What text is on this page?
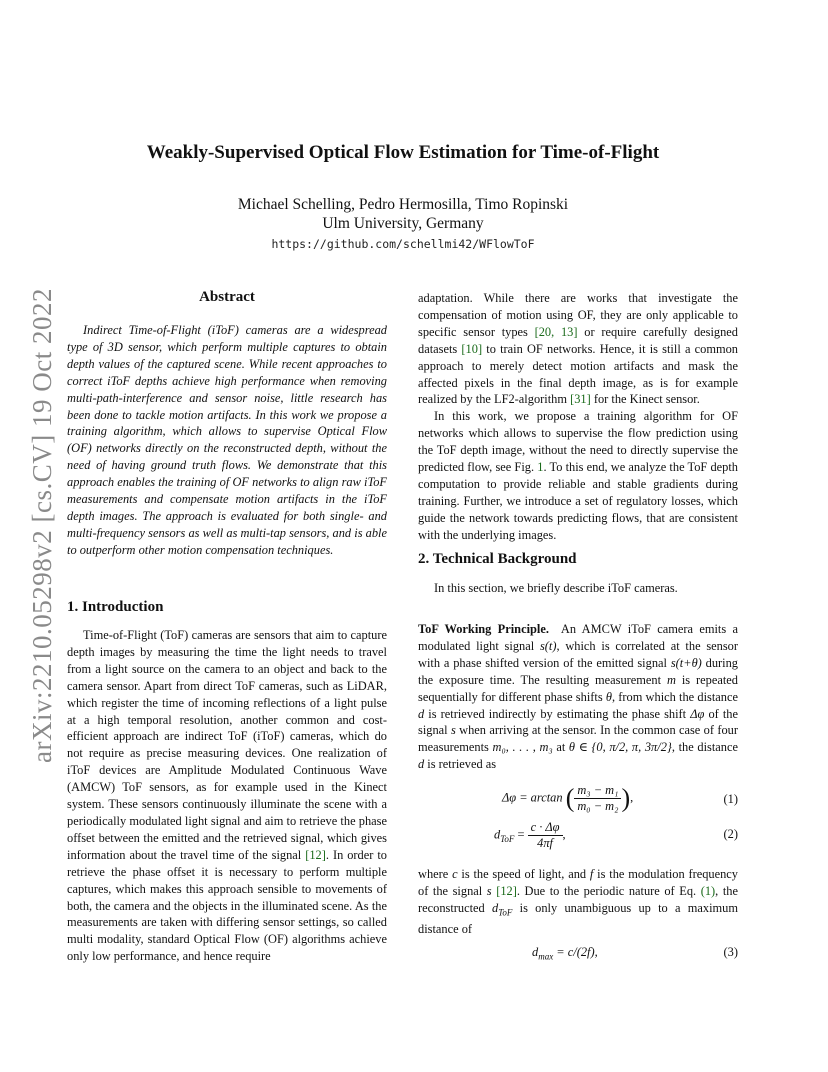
arXiv:2210.05298v2 [cs.CV] 19 Oct 2022
Weakly-Supervised Optical Flow Estimation for Time-of-Flight
Michael Schelling, Pedro Hermosilla, Timo Ropinski
Ulm University, Germany
https://github.com/schellmi42/WFlowToF
Abstract

Indirect Time-of-Flight (iToF) cameras are a widespread type of 3D sensor, which perform multiple captures to obtain depth values of the captured scene. While recent approaches to correct iToF depths achieve high performance when removing multi-path-interference and sensor noise, little research has been done to tackle motion artifacts. In this work we propose a training algorithm, which allows to supervise Optical Flow (OF) networks directly on the reconstructed depth, without the need of having ground truth flows. We demonstrate that this approach enables the training of OF networks to align raw iToF measurements and compensate motion artifacts in the iToF depth images. The approach is evaluated for both single- and multi-frequency sensors as well as multi-tap sensors, and is able to outperform other motion compensation techniques.

1. Introduction

Time-of-Flight (ToF) cameras are sensors that aim to capture depth images by measuring the time the light needs to travel from a light source on the camera to an object and back to the camera sensor. Apart from direct ToF cameras, such as LiDAR, which register the time of incoming reflections of a light pulse at a high temporal resolution, another common and cost-efficient approach are indirect ToF (iToF) cameras, which do not require as precise measuring devices. One realization of iToF devices are Amplitude Modulated Continuous Wave (AMCW) ToF sensors, as for example used in the Kinect system. These sensors continuously illuminate the scene with a periodically modulated light signal and aim to retrieve the phase offset between the emitted and the retrieved signal, which gives information about the travel time of the signal [12]. In order to retrieve the phase offset it is necessary to perform multiple captures, which makes this approach sensible to movements of both, the camera and the objects in the illuminated scene. As the measurements are taken with differing sensor settings, so called multi modality, standard Optical Flow (OF) algorithms achieve only low performance, and hence require

adaptation. While there are works that investigate the compensation of motion using OF, they are only applicable to specific sensor types [20, 13] or require carefully designed datasets [10] to train OF networks. Hence, it is still a common approach to merely detect motion artifacts and mask the affected pixels in the final depth image, as is for example realized by the LF2-algorithm [31] for the Kinect sensor.

In this work, we propose a training algorithm for OF networks which allows to supervise the flow prediction using the ToF depth image, without the need to directly supervise the predicted flow, see Fig. 1. To this end, we analyze the ToF depth computation to provide reliable and stable gradients during training. Further, we introduce a set of regulatory losses, which guide the network towards predicting flows, that are consistent with the underlying images.

2. Technical Background

In this section, we briefly describe iToF cameras.

ToF Working Principle. An AMCW iToF camera emits a modulated light signal s(t), which is correlated at the sensor with a phase shifted version of the emitted signal s(t+θ) during the exposure time. The resulting measurement m is repeated sequentially for different phase shifts θ, from which the distance d is retrieved indirectly by estimating the phase shift Δφ of the signal s when arriving at the sensor. In the common case of four measurements m₀, . . . , m₃ at θ ∈ {0, π/2, π, 3π/2}, the distance d is retrieved as

Δφ = arctan ( $\frac{\text{m₃ − m₁}}{\text{m₀ − m₂}}$ ),	(1)
$d_{ToF} = \frac{c \cdot \Delta\varphi}{4\pi f}$ ,	(2)

where c is the speed of light, and f is the modulation frequency of the signal s [12]. Due to the periodic nature of Eq. (1), the reconstructed $d_{ToF}$ is only unambiguous up to a maximum distance of

$d_{max} = c/(2f)$,	(3)
